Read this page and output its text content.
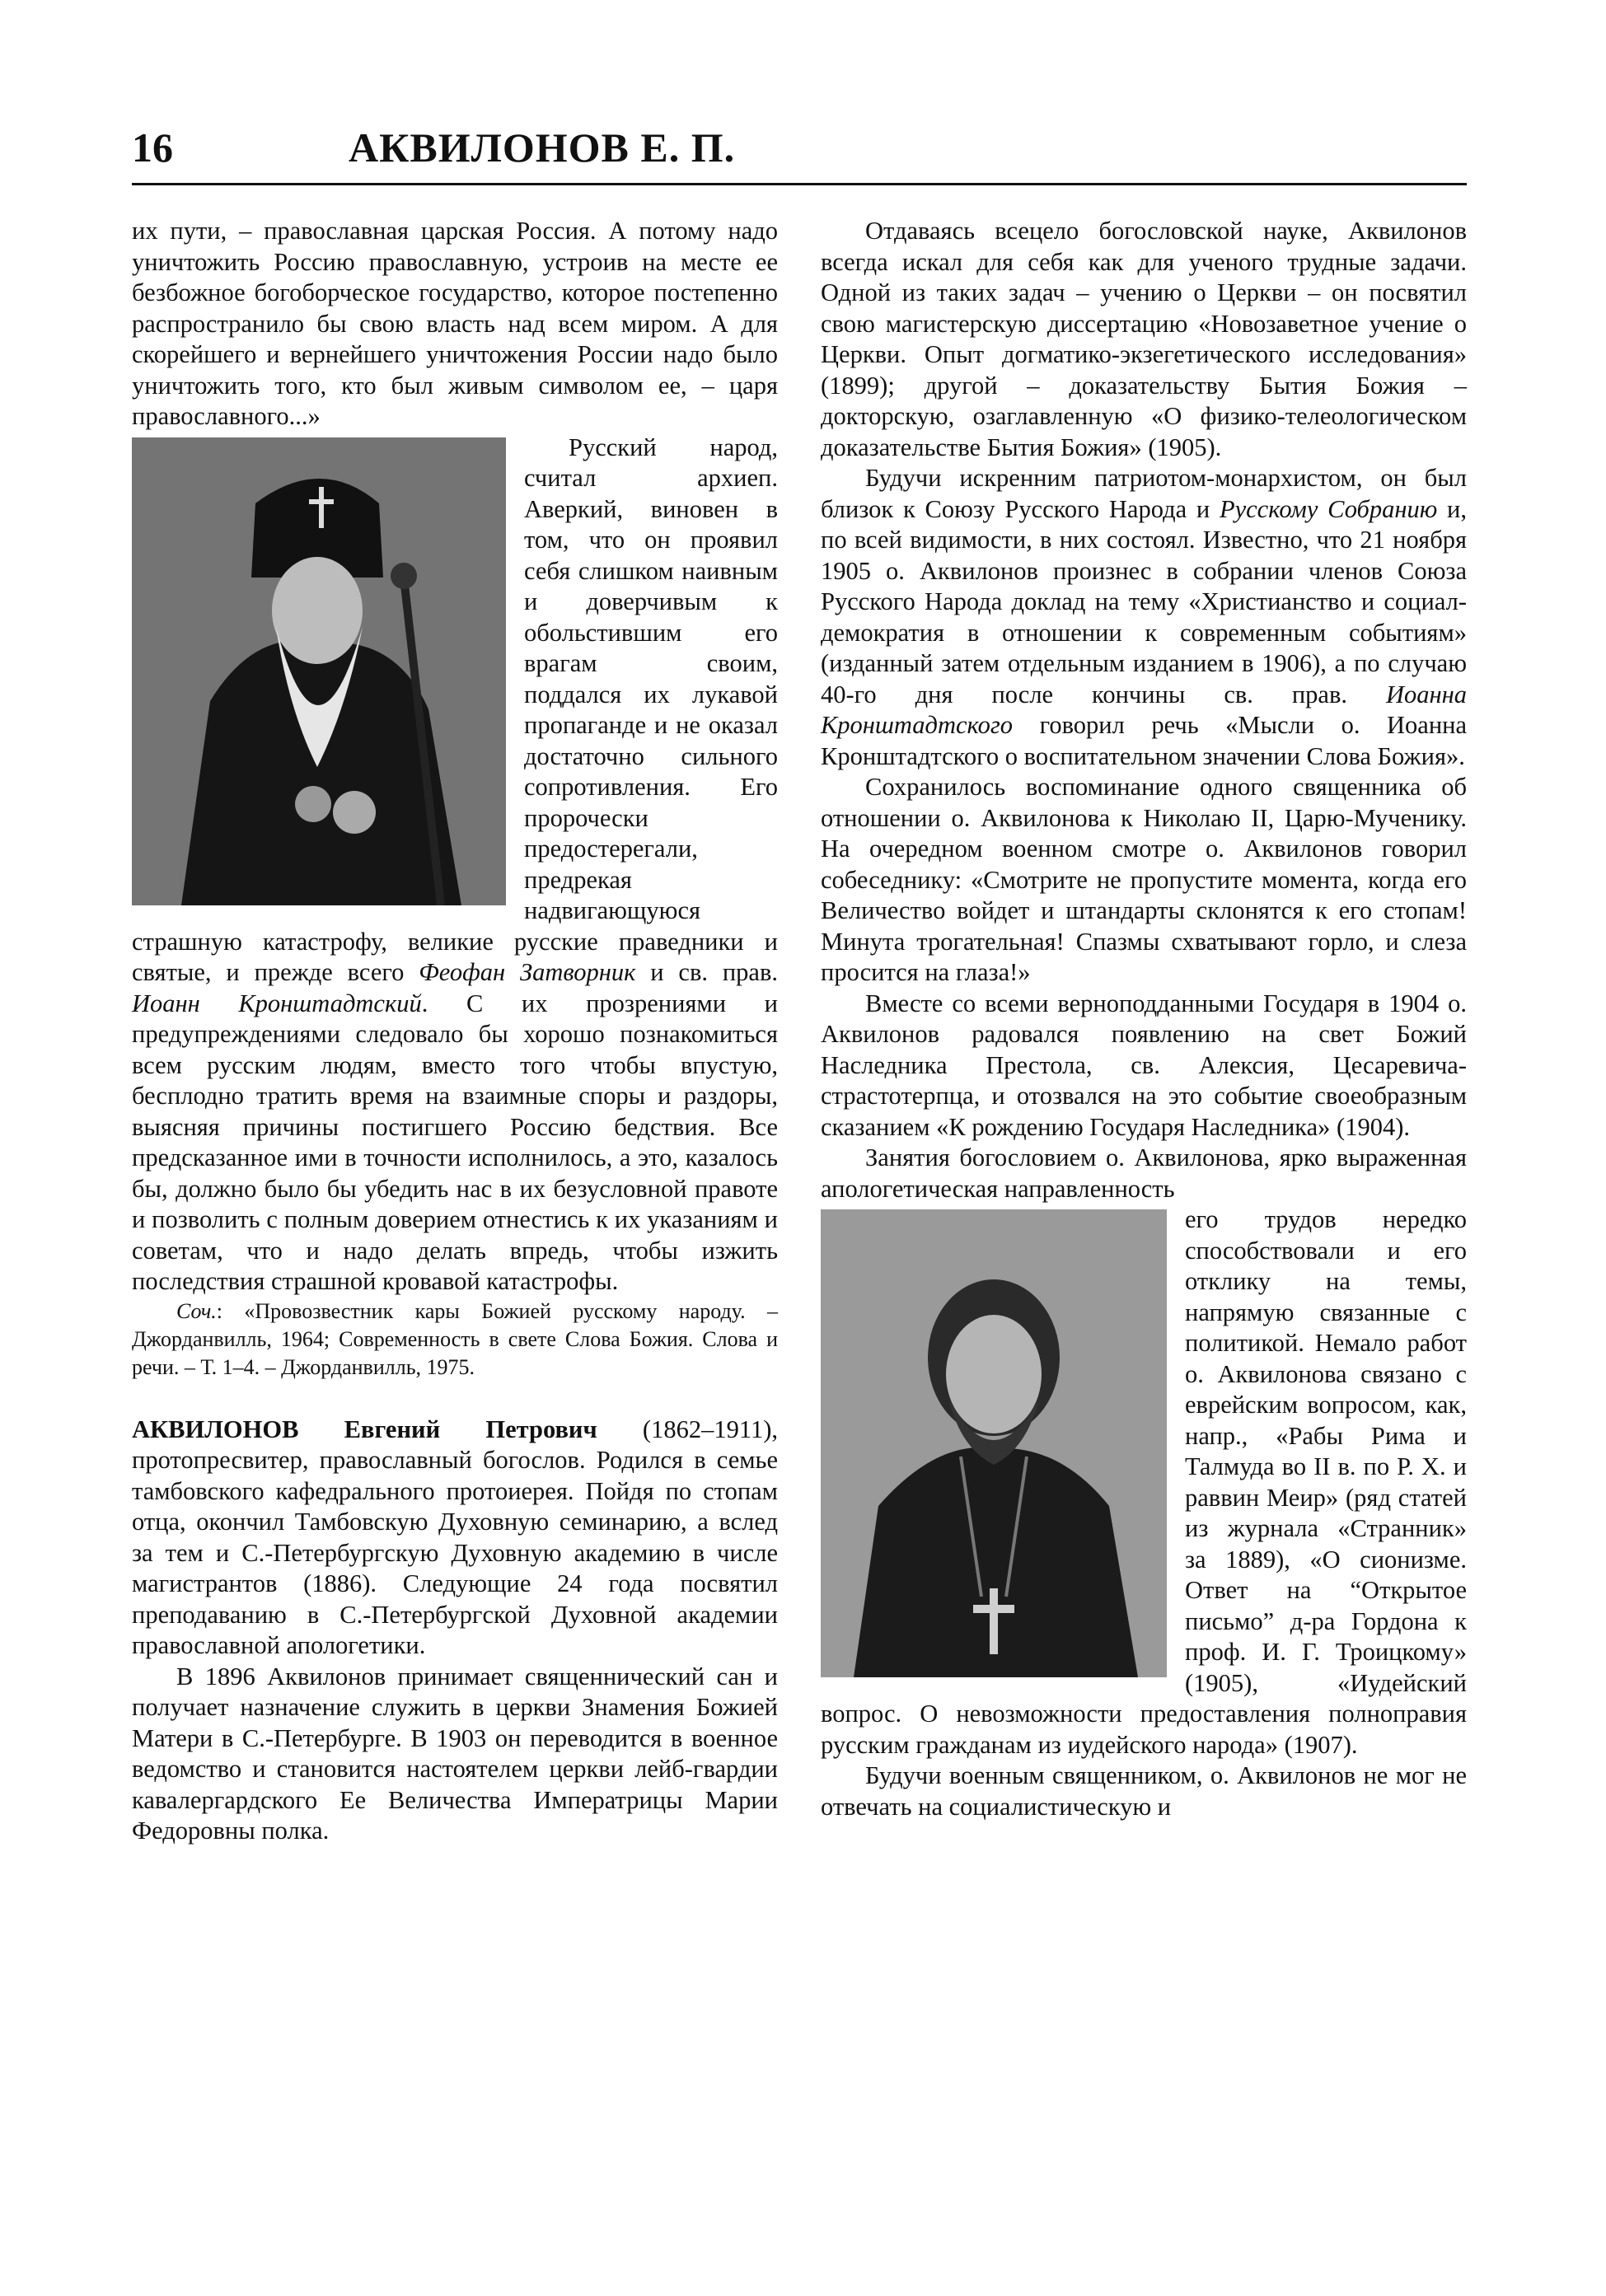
16	АКВИЛОНОВ Е. П.

их пути, – православная царская Россия. А потому надо уничтожить Россию православную, устроив на месте ее безбожное богоборческое государство, которое постепенно распространило бы свою власть над всем миром. А для скорейшего и вернейшего уничтожения России надо было уничтожить того, кто был живым символом ее, – царя православного...»

Русский народ, считал архиеп. Аверкий, виновен в том, что он проявил себя слишком наивным и доверчивым к обольстившим его врагам своим, поддался их лукавой пропаганде и не оказал достаточно сильного сопротивления. Его пророчески предостерегали, предрекая надвигающуюся страшную катастрофу, великие русские праведники и святые, и прежде всего Феофан Затворник и св. прав. Иоанн Кронштадтский. С их прозрениями и предупреждениями следовало бы хорошо познакомиться всем русским людям, вместо того чтобы впустую, бесплодно тратить время на взаимные споры и раздоры, выясняя причины постигшего Россию бедствия. Все предсказанное ими в точности исполнилось, а это, казалось бы, должно было бы убедить нас в их безусловной правоте и позволить с полным доверием отнестись к их указаниям и советам, что и надо делать впредь, чтобы изжить последствия страшной кровавой катастрофы.

Соч.: «Провозвестник кары Божией русскому народу. – Джорданвилль, 1964; Современность в свете Слова Божия. Слова и речи. – Т. 1–4. – Джорданвилль, 1975.

АКВИЛОНОВ Евгений Петрович (1862–1911), протопресвитер, православный богослов. Родился в семье тамбовского кафедрального протоиерея. Пойдя по стопам отца, окончил Тамбовскую Духовную семинарию, а вслед за тем и С.-Петербургскую Духовную академию в числе магистрантов (1886). Следующие 24 года посвятил преподаванию в С.-Петербургской Духовной академии православной апологетики.

В 1896 Аквилонов принимает священнический сан и получает назначение служить в церкви Знамения Божией Матери в С.-Петербурге. В 1903 он переводится в военное ведомство и становится настоятелем церкви лейб-гвардии кавалергардского Ее Величества Императрицы Марии Федоровны полка.

Отдаваясь всецело богословской науке, Аквилонов всегда искал для себя как для ученого трудные задачи. Одной из таких задач – учению о Церкви – он посвятил свою магистерскую диссертацию «Новозаветное учение о Церкви. Опыт догматико-экзегетического исследования» (1899); другой – доказательству Бытия Божия – докторскую, озаглавленную «О физико-телеологическом доказательстве Бытия Божия» (1905).

Будучи искренним патриотом-монархистом, он был близок к Союзу Русского Народа и Русскому Собранию и, по всей видимости, в них состоял. Известно, что 21 ноября 1905 о. Аквилонов произнес в собрании членов Союза Русского Народа доклад на тему «Христианство и социал-демократия в отношении к современным событиям» (изданный затем отдельным изданием в 1906), а по случаю 40-го дня после кончины св. прав. Иоанна Кронштадтского говорил речь «Мысли о. Иоанна Кронштадтского о воспитательном значении Слова Божия».

Сохранилось воспоминание одного священника об отношении о. Аквилонова к Николаю II, Царю-Мученику. На очередном военном смотре о. Аквилонов говорил собеседнику: «Смотрите не пропустите момента, когда его Величество войдет и штандарты склонятся к его стопам! Минута трогательная! Спазмы схватывают горло, и слеза просится на глаза!»

Вместе со всеми верноподданными Государя в 1904 о. Аквилонов радовался появлению на свет Божий Наследника Престола, св. Алексия, Цесаревича-страстотерпца, и отозвался на это событие своеобразным сказанием «К рождению Государя Наследника» (1904).

Занятия богословием о. Аквилонова, ярко выраженная апологетическая направленность

его трудов нередко способствовали и его отклику на темы, напрямую связанные с политикой. Немало работ о. Аквилонова связано с еврейским вопросом, как, напр., «Рабы Рима и Талмуда во II в. по Р. Х. и раввин Меир» (ряд статей из журнала «Странник» за 1889), «О сионизме. Ответ на “Открытое письмо” д-ра Гордона к проф. И. Г. Троицкому» (1905), «Иудейский вопрос. О невозможности предоставления полноправия русским гражданам из иудейского народа» (1907).

Будучи военным священником, о. Аквилонов не мог не отвечать на социалистическую и
